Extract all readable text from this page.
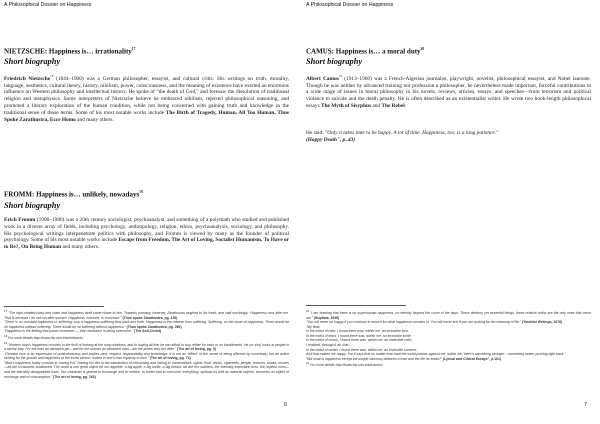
A Philosophical Dossier on Happiness
NIETZSCHE: Happiness is… irrationality$^{17}$
Short biography

Friedrich Nietzsche$^{18}$ (1844–1900) was a German philosopher, essayist, and cultural critic. His writings on truth, morality, language, aesthetics, cultural theory, history, nihilism, power, consciousness, and the meaning of existence have exerted an enormous influence on Western philosophy and intellectual history. He spoke of "the death of God," and foresaw the dissolution of traditional religion and metaphysics. Some interpreters of Nietzsche believe he embraced nihilism, rejected philosophical reasoning, and promoted a literary exploration of the human condition, while not being concerned with gaining truth and knowledge in the traditional sense of those terms. Some of his most notable works include The Birth of Tragedy, Human, All Too Human, Thus Spoke Zarathustra, Ecce Homo and many others.

FROMM: Happiness is… unlikely, nowadays$^{19}$
Short biography

Erich Fromm (1900–1980) was a 20th century sociologist, psychoanalyst, and something of a polymath who studied and published work in a diverse array of fields, including psychology, anthropology, religion, ethics, psychoanalysis, sociology, and philosophy. His psychological writings interpenetrate politics with philosophy, and Fromm is viewed by many as the founder of political psychology. Some of his most notable works include Escape from Freedom, The Art of Loving, Socialist Humanism, To Have or to Be?, On Being Human and many others.

$^{17}$ "The right-minded class and caste and happiness itself came closer to him. Towards morning, however, Zarathustra laughed to his heart, and said mockingly: 'Happiness runs after me. That is because I do not run after women. Happiness, however, is a woman'." (Thus spoke Zarathustra, pg. 130)

"There is no constant happiness or suffering; only a happiness-suffering flow back and forth. Happiness is the release from suffering. Suffering, on the issue of happiness. There would be no happiness without suffering. There would be no suffering without happiness." (Thus spoke Zarathustra, pg. 260)

"Happiness is the feeling that power increases — that resistance is being overcome." (The Anti-Christ)

$^{18}$ For more details http://www.iep.utm.edu/nietzsch/

$^{19}$ "Modern man's happiness consists in the thrill of looking at the shop windows, and in buying all that he can afford to buy, either for cash or on installments. He (or she) looks at people in a similar way. For the man an attractive girl—and for the woman an attractive man—are the prizes they are after." (The art of loving, pg. 3)

"Genuine love is an expression of productiveness and implies care, respect, responsibility and knowledge. It is not an "affect" in the sense of being affected by somebody, but an active striving for the growth and happiness of the loved person, rooted in one's own capacity to love." (The art of loving, pg. 74)

"Man's happiness today consists in 'having fun.' Having fun lies in the satisfaction of consuming and 'taking in' commodities, sights, food, drinks, cigarettes, people, lectures, books, movies—all are consumed, swallowed. The world is one great object for our appetite, a big apple, a big bottle, a big breast; we are the sucklers, the eternally expectant ones, the hopeful ones—and the eternally disappointed ones. Our character is geared to exchange and to receive, to barter and to consume; everything, spiritual as well as material objects, becomes an object of exchange and of consumption." (The art of loving, pg. 162)

6
A Philosophical Dossier on Happiness
CAMUS: Happiness is… a moral duty$^{20}$
Short biography

Albert Camus$^{21}$ (1913–1960) was a French-Algerian journalist, playwright, novelist, philosophical essayist, and Nobel laureate. Though he was neither by advanced training nor profession a philosopher, he nevertheless made important, forceful contributions to a wide range of issues in moral philosophy in his novels, reviews, articles, essays, and speeches—from terrorism and political violence to suicide and the death penalty. He is often described as an existentialist writer. He wrote two book-length philosophical essays The Myth of Sisyphus and The Rebel.

He said: "Only it takes time to be happy. A lot of time. Happiness, too, is a long patience."
(Happy Death", p..43)

$^{20}$ "I am learning that there is no superhuman happiness, no eternity beyond the curve of the days. These derisory yet essential things, these relative truths are the only ones that move me." (Nuptials, 1938)

"You will never be happy if you continue to search for what happiness consists of. You will never live if you are looking for the meaning of life." (Youthful Writings, 1976)

"My dear,

In the midst of hate, I found there was, within me, an invincible love.

In the midst of tears, I found there was, within me, an invincible smile.

In the midst of chaos, I found there was, within me, an invincible calm.

I realized, through it all, that…

In the midst of winter, I found there was, within me, an invincible summer.

And that makes me happy. For it says that no matter how hard the world pushes against me, within me, there's something stronger – something better, pushing right back."

"But what is happiness except the simple harmony between a man and the life he leads?" (Lyrical and Critical Essays", p.101)

$^{21}$ For more details http://www.iep.utm.edu/camus/

7
